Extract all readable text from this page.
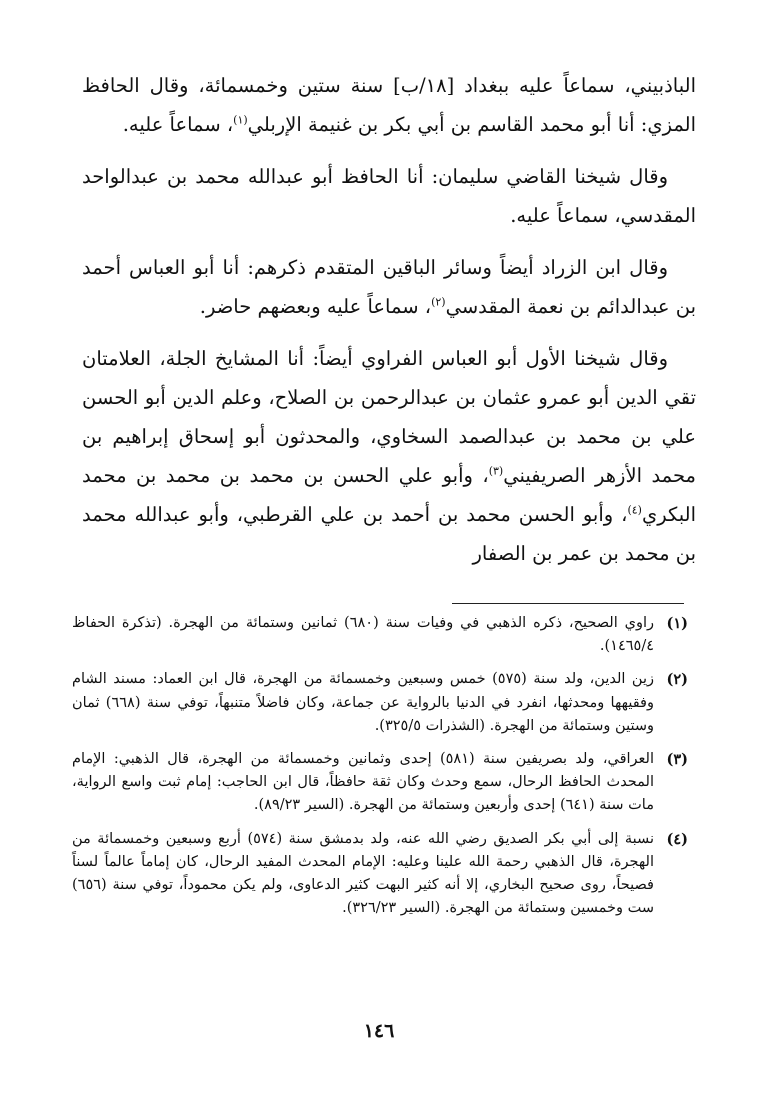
الباذبيني، سماعاً عليه ببغداد [١٨/ب] سنة ستين وخمسمائة، وقال الحافظ المزي: أنا أبو محمد القاسم بن أبي بكر بن غنيمة الإربلي$^{(١)}$، سماعاً عليه.

وقال شيخنا القاضي سليمان: أنا الحافظ أبو عبدالله محمد بن عبدالواحد المقدسي، سماعاً عليه.

وقال ابن الزراد أيضاً وسائر الباقين المتقدم ذكرهم: أنا أبو العباس أحمد بن عبدالدائم بن نعمة المقدسي$^{(٢)}$، سماعاً عليه وبعضهم حاضر.

وقال شيخنا الأول أبو العباس الفراوي أيضاً: أنا المشايخ الجلة، العلامتان تقي الدين أبو عمرو عثمان بن عبدالرحمن بن الصلاح، وعلم الدين أبو الحسن علي بن محمد بن عبدالصمد السخاوي، والمحدثون أبو إسحاق إبراهيم بن محمد الأزهر الصريفيني$^{(٣)}$، وأبو علي الحسن بن محمد بن محمد بن محمد البكري$^{(٤)}$، وأبو الحسن محمد بن أحمد بن علي القرطبي، وأبو عبدالله محمد بن محمد بن عمر بن الصفار

(١)
راوي الصحيح، ذكره الذهبي في وفيات سنة (٦٨٠) ثمانين وستمائة من الهجرة. (تذكرة الحفاظ ١٤٦٥/٤).
(٢)
زين الدين، ولد سنة (٥٧٥) خمس وسبعين وخمسمائة من الهجرة، قال ابن العماد: مسند الشام وفقيهها ومحدثها، انفرد في الدنيا بالرواية عن جماعة، وكان فاضلاً متنبهاً، توفي سنة (٦٦٨) ثمان وستين وستمائة من الهجرة. (الشذرات ٣٢٥/٥).
(٣)
العراقي، ولد بصريفين سنة (٥٨١) إحدى وثمانين وخمسمائة من الهجرة، قال الذهبي: الإمام المحدث الحافظ الرحال، سمع وحدث وكان ثقة حافظاً، قال ابن الحاجب: إمام ثبت واسع الرواية، مات سنة (٦٤١) إحدى وأربعين وستمائة من الهجرة. (السير ٨٩/٢٣).
(٤)
نسبة إلى أبي بكر الصديق رضي الله عنه، ولد بدمشق سنة (٥٧٤) أربع وسبعين وخمسمائة من الهجرة، قال الذهبي رحمة الله علينا وعليه: الإمام المحدث المفيد الرحال، كان إماماً عالماً لسناً فصيحاً، روى صحيح البخاري، إلا أنه كثير البهت كثير الدعاوى، ولم يكن محموداً، توفي سنة (٦٥٦) ست وخمسين وستمائة من الهجرة. (السير ٣٢٦/٢٣).
١٤٦
